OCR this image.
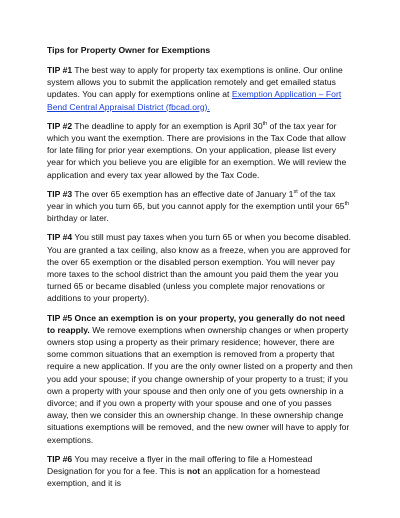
Tips for Property Owner for Exemptions

TIP #1 The best way to apply for property tax exemptions is online. Our online system allows you to submit the application remotely and get emailed status updates. You can apply for exemptions online at Exemption Application – Fort Bend Central Appraisal District (fbcad.org).

TIP #2 The deadline to apply for an exemption is April 30th of the tax year for which you want the exemption. There are provisions in the Tax Code that allow for late filing for prior year exemptions. On your application, please list every year for which you believe you are eligible for an exemption. We will review the application and every tax year allowed by the Tax Code.

TIP #3 The over 65 exemption has an effective date of January 1st of the tax year in which you turn 65, but you cannot apply for the exemption until your 65th birthday or later.

TIP #4 You still must pay taxes when you turn 65 or when you become disabled. You are granted a tax ceiling, also know as a freeze, when you are approved for the over 65 exemption or the disabled person exemption. You will never pay more taxes to the school district than the amount you paid them the year you turned 65 or became disabled (unless you complete major renovations or additions to your property).

TIP #5 Once an exemption is on your property, you generally do not need to reapply. We remove exemptions when ownership changes or when property owners stop using a property as their primary residence; however, there are some common situations that an exemption is removed from a property that require a new application. If you are the only owner listed on a property and then you add your spouse; if you change ownership of your property to a trust; if you own a property with your spouse and then only one of you gets ownership in a divorce; and if you own a property with your spouse and one of you passes away, then we consider this an ownership change. In these ownership change situations exemptions will be removed, and the new owner will have to apply for exemptions.

TIP #6 You may receive a flyer in the mail offering to file a Homestead Designation for you for a fee. This is not an application for a homestead exemption, and it is
